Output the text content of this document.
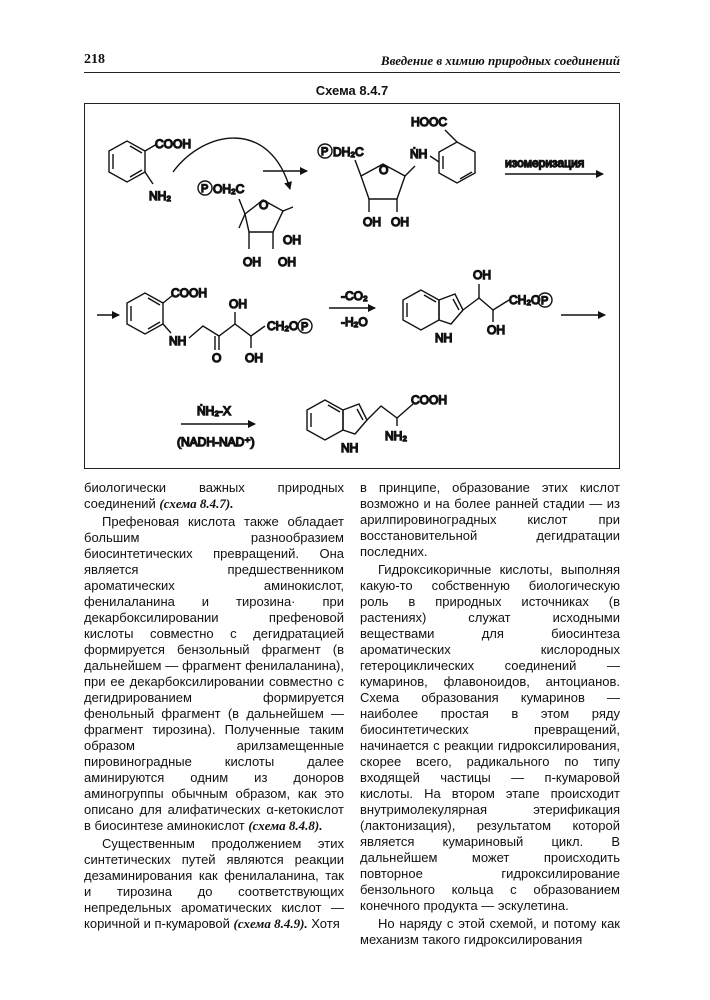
218	Введение в химию природных соединений
Схема 8.4.7
COOH
NH₂	P OH₂C
O
OH OH
OH
P DH₂C
O
OH OH
ṄH
HOOC
изомеризация
COOH
NH
O
OH
OH
CH₂O P
-CO₂
-H₂O
NH
OH
OH
CH₂O P
ṄH₂-X
(NADH-NAD⁺)	NH
COOH
NH₂

биологически важных природных соединений (схема 8.4.7).

Префеновая кислота также обладает большим разнообразием биосинтетических превращений. Она является предшественником ароматических аминокислот, фенилаланина и тирозина· при декарбоксилировании префеновой кислоты совместно с дегидратацией формируется бензольный фрагмент (в дальнейшем — фрагмент фенилаланина), при ее декарбоксилировании совместно с дегидрированием формируется фенольный фрагмент (в дальнейшем — фрагмент тирозина). Полученные таким образом арилзамещенные пировиноградные кислоты далее аминируются одним из доноров аминогруппы обычным образом, как это описано для алифатических α-кетокислот в биосинтезе аминокислот (схема 8.4.8).

Существенным продолжением этих синтетических путей являются реакции дезаминирования как фенилаланина, так и тирозина до соответствующих непредельных ароматических кислот — коричной и п-кумаровой (схема 8.4.9). Хотя

в принципе, образование этих кислот возможно и на более ранней стадии — из арилпировиноградных кислот при восстановительной дегидратации последних.

Гидроксикоричные кислоты, выполняя какую-то собственную биологическую роль в природных источниках (в растениях) служат исходными веществами для биосинтеза ароматических кислородных гетероциклических соединений — кумаринов, флавоноидов, антоцианов. Схема образования кумаринов — наиболее простая в этом ряду биосинтетических превращений, начинается с реакции гидроксилирования, скорее всего, радикального по типу входящей частицы — п-кумаровой кислоты. На втором этапе происходит внутримолекулярная этерификация (лактонизация), результатом которой является кумариновый цикл. В дальнейшем может происходить повторное гидроксилирование бензольного кольца с образованием конечного продукта — эскулетина.

Но наряду с этой схемой, и потому как механизм такого гидроксилирования
